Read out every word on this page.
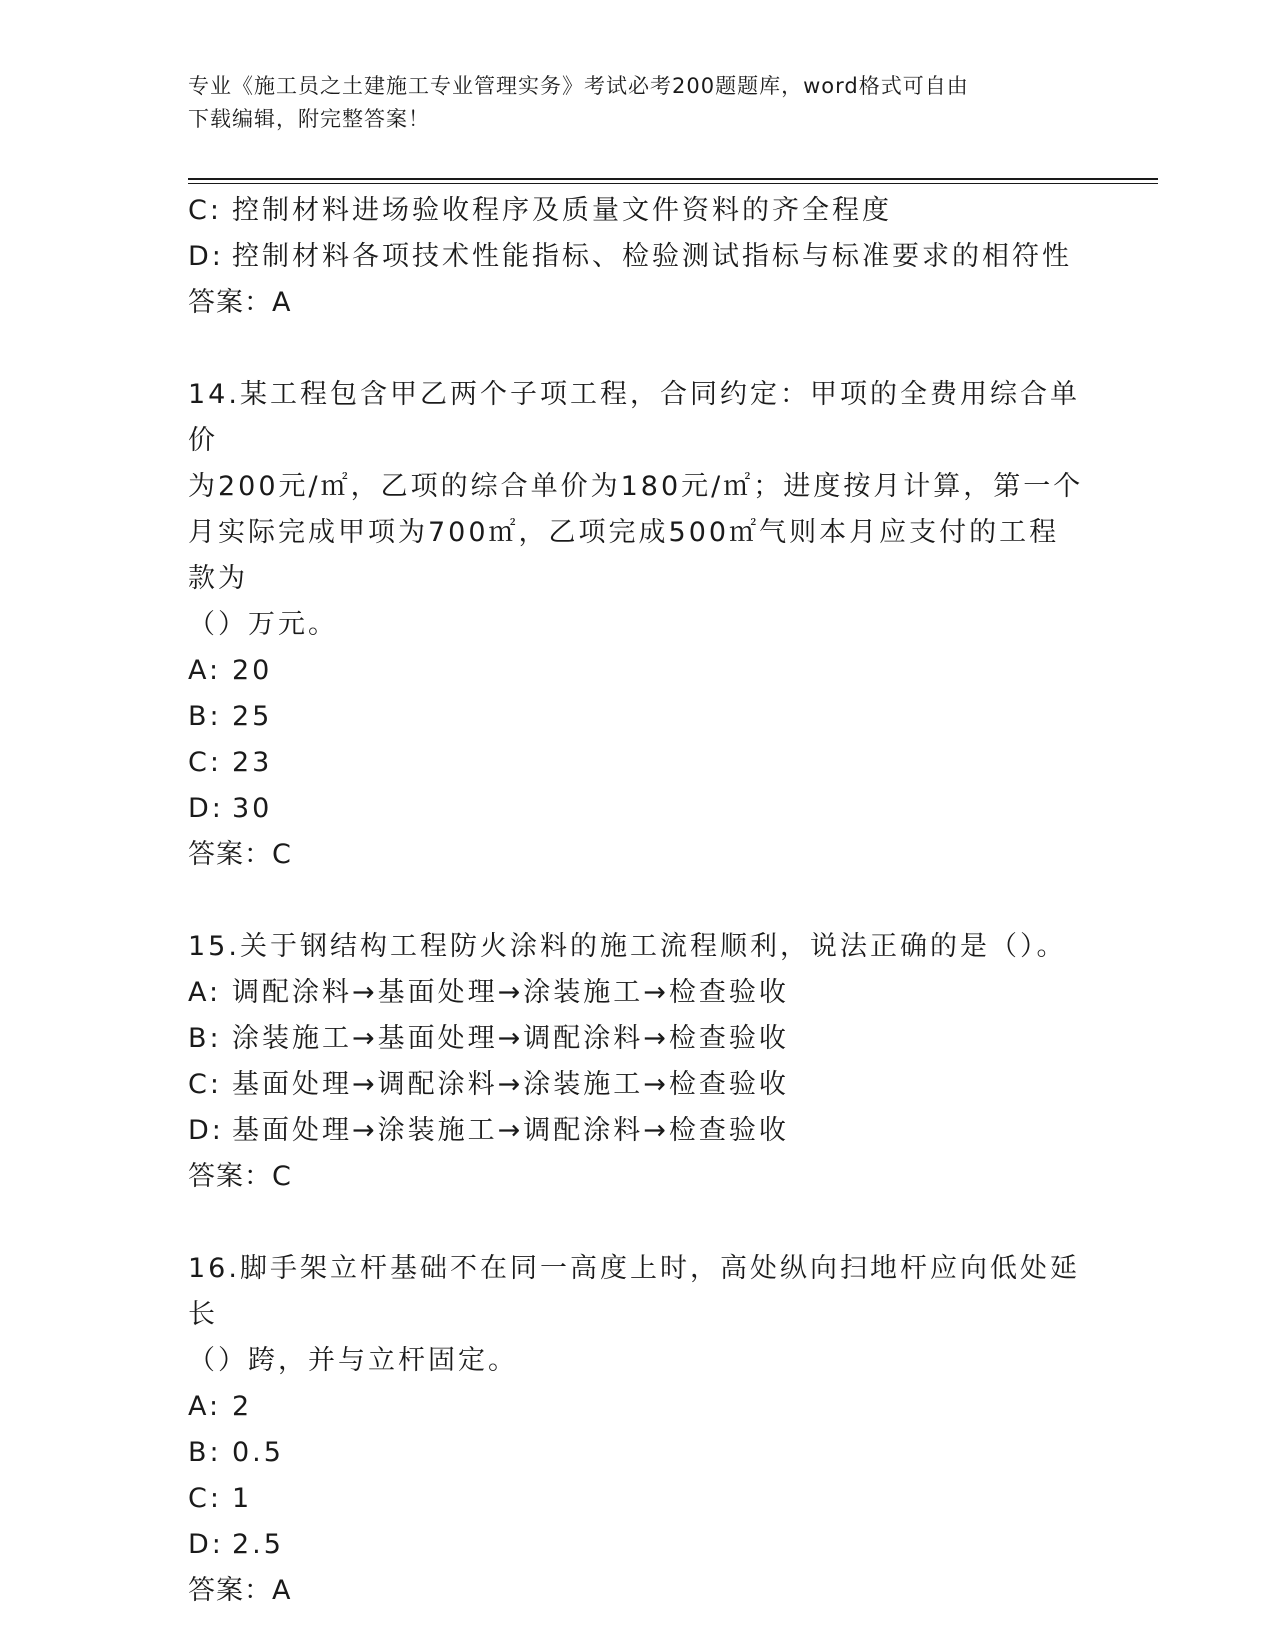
专业《施工员之土建施工专业管理实务》考试必考200题题库，word格式可自由
下载编辑，附完整答案！

C: 控制材料进场验收程序及质量文件资料的齐全程度

D: 控制材料各项技术性能指标、检验测试指标与标准要求的相符性

答案：A

14.某工程包含甲乙两个子项工程，合同约定：甲项的全费用综合单价

为200元/㎡，乙项的综合单价为180元/㎡；进度按月计算，第一个

月实际完成甲项为700㎡，乙项完成500㎡气则本月应支付的工程款为

（）万元。

A: 20

B: 25

C: 23

D: 30

答案：C

15.关于钢结构工程防火涂料的施工流程顺利，说法正确的是（）。

A: 调配涂料→基面处理→涂装施工→检查验收

B: 涂装施工→基面处理→调配涂料→检查验收

C: 基面处理→调配涂料→涂装施工→检查验收

D: 基面处理→涂装施工→调配涂料→检查验收

答案：C

16.脚手架立杆基础不在同一高度上时，高处纵向扫地杆应向低处延长

（）跨，并与立杆固定。

A: 2

B: 0.5

C: 1

D: 2.5

答案：A
